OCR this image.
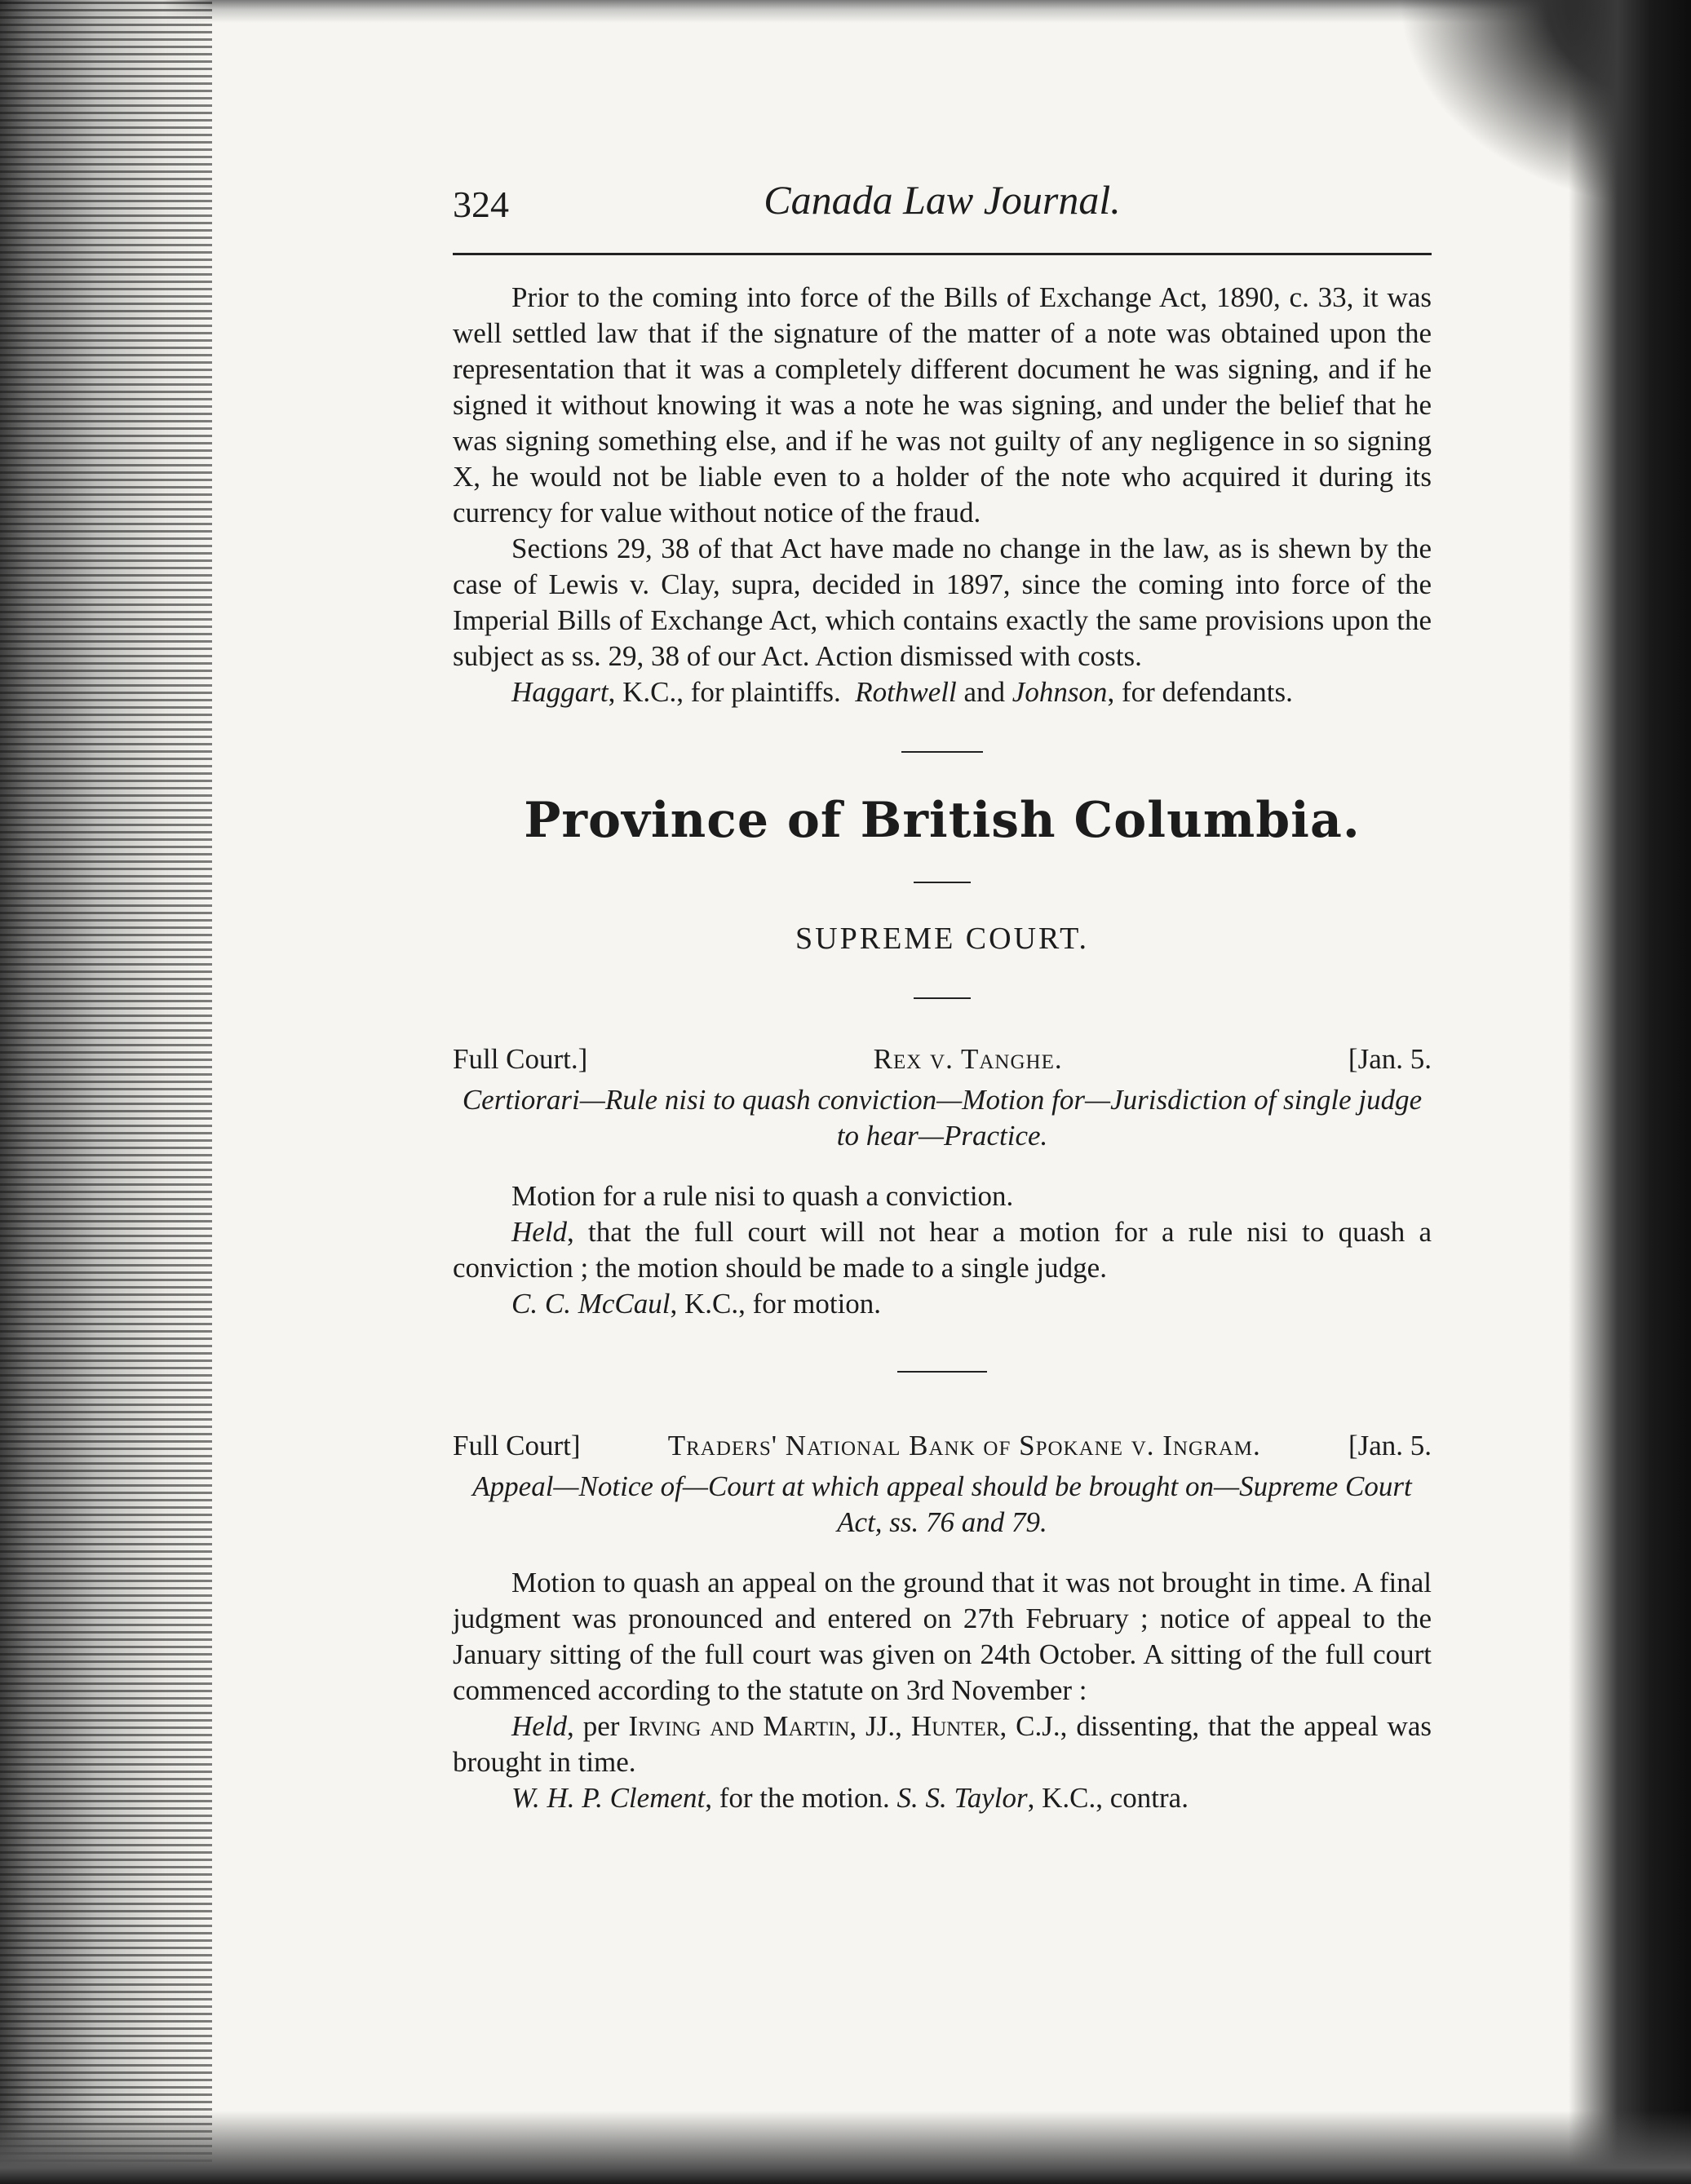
324	Canada Law Journal.

Prior to the coming into force of the Bills of Exchange Act, 1890, c. 33, it was well settled law that if the signature of the matter of a note was obtained upon the representation that it was a completely different document he was signing, and if he signed it without knowing it was a note he was signing, and under the belief that he was signing something else, and if he was not guilty of any negligence in so signing X, he would not be liable even to a holder of the note who acquired it during its currency for value without notice of the fraud.

Sections 29, 38 of that Act have made no change in the law, as is shewn by the case of Lewis v. Clay, supra, decided in 1897, since the coming into force of the Imperial Bills of Exchange Act, which contains exactly the same provisions upon the subject as ss. 29, 38 of our Act. Action dismissed with costs.

Haggart, K.C., for plaintiffs. Rothwell and Johnson, for defendants.

Province of British Columbia.
SUPREME COURT.
Full Court.]	Rex v. Tanghe.	[Jan. 5.
Certiorari—Rule nisi to quash conviction—Motion for—Jurisdiction of single judge to hear—Practice.

Motion for a rule nisi to quash a conviction.

Held, that the full court will not hear a motion for a rule nisi to quash a conviction ; the motion should be made to a single judge.

C. C. McCaul, K.C., for motion.

Full Court]	Traders' National Bank of Spokane v. Ingram.	[Jan. 5.
Appeal—Notice of—Court at which appeal should be brought on—Supreme Court Act, ss. 76 and 79.

Motion to quash an appeal on the ground that it was not brought in time. A final judgment was pronounced and entered on 27th February ; notice of appeal to the January sitting of the full court was given on 24th October. A sitting of the full court commenced according to the statute on 3rd November :

Held, per Irving and Martin, JJ., Hunter, C.J., dissenting, that the appeal was brought in time.

W. H. P. Clement, for the motion. S. S. Taylor, K.C., contra.
